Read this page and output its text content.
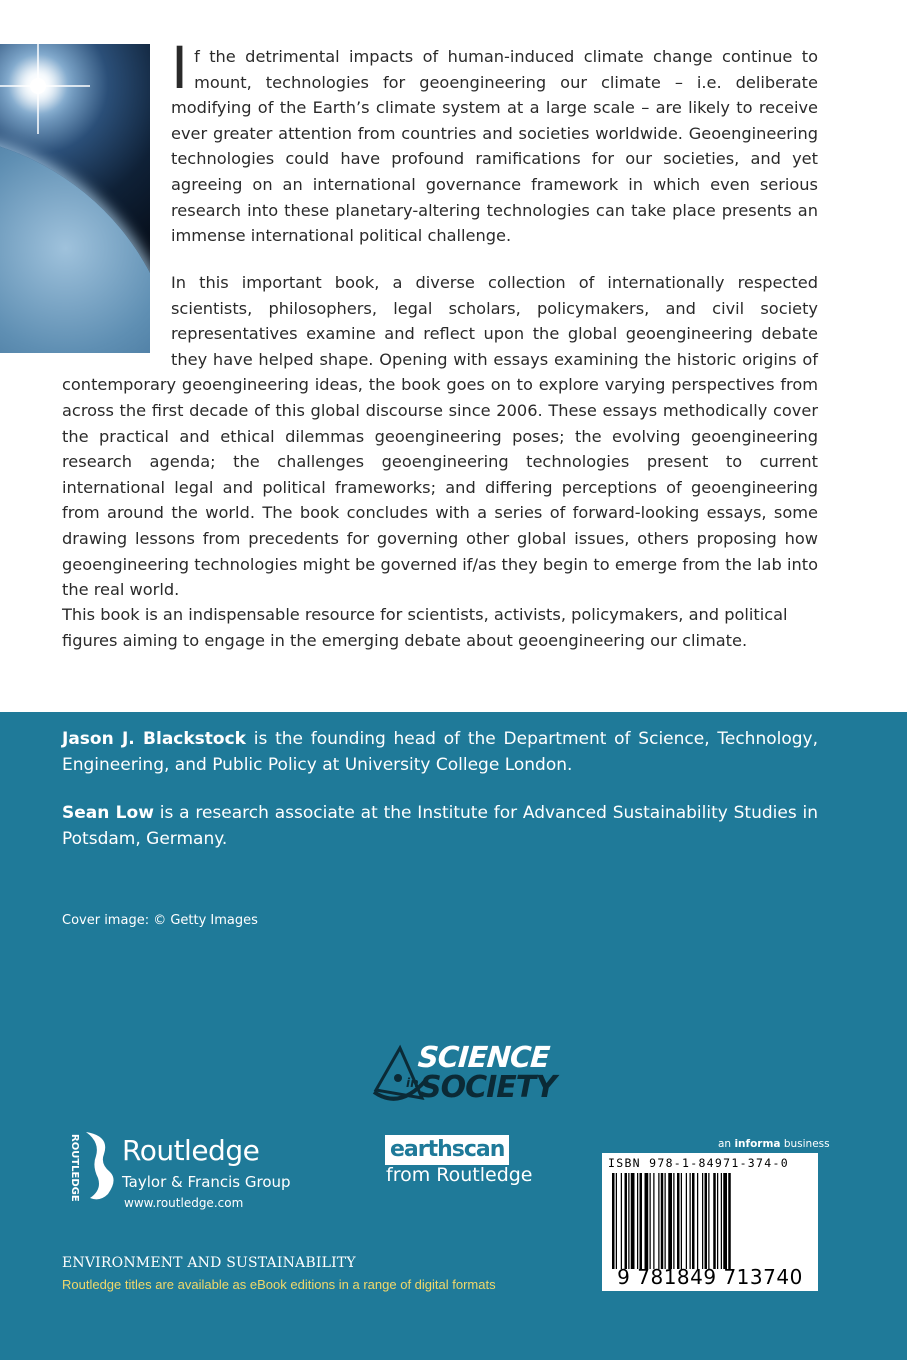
If the detrimental impacts of human-induced climate change continue to mount, technologies for geoengineering our climate – i.e. deliberate modifying of the Earth’s climate system at a large scale – are likely to receive ever greater attention from countries and societies worldwide. Geoengineering technologies could have profound ramifications for our societies, and yet agreeing on an international governance framework in which even serious research into these planetary-altering technologies can take place presents an immense international political challenge.

In this important book, a diverse collection of internationally respected scientists, philosophers, legal scholars, policymakers, and civil society representatives examine and reflect upon the global geoengineering debate they have helped shape. Opening with essays examining the historic origins of contemporary geoengineering ideas, the book goes on to explore varying perspectives from across the first decade of this global discourse since 2006. These essays methodically cover the practical and ethical dilemmas geoengineering poses; the evolving geoengineering research agenda; the challenges geoengineering technologies present to current international legal and political frameworks; and differing perceptions of geoengineering from around the world. The book concludes with a series of forward-looking essays, some drawing lessons from precedents for governing other global issues, others proposing how geoengineering technologies might be governed if/as they begin to emerge from the lab into the real world.

This book is an indispensable resource for scientists, activists, policymakers, and political figures aiming to engage in the emerging debate about geoengineering our climate.

Jason J. Blackstock is the founding head of the Department of Science, Technology, Engineering, and Public Policy at University College London.

Sean Low is a research associate at the Institute for Advanced Sustainability Studies in Potsdam, Germany.

Cover image: © Getty Images
SCIENCE
in SOCIETY
ROUTLEDGE Routledge
Taylor & Francis Group
www.routledge.com
earthscan
from Routledge
an informa business
ISBN 978-1-84971-374-0
9 781849 713740
ENVIRONMENT AND SUSTAINABILITY
Routledge titles are available as eBook editions in a range of digital formats
